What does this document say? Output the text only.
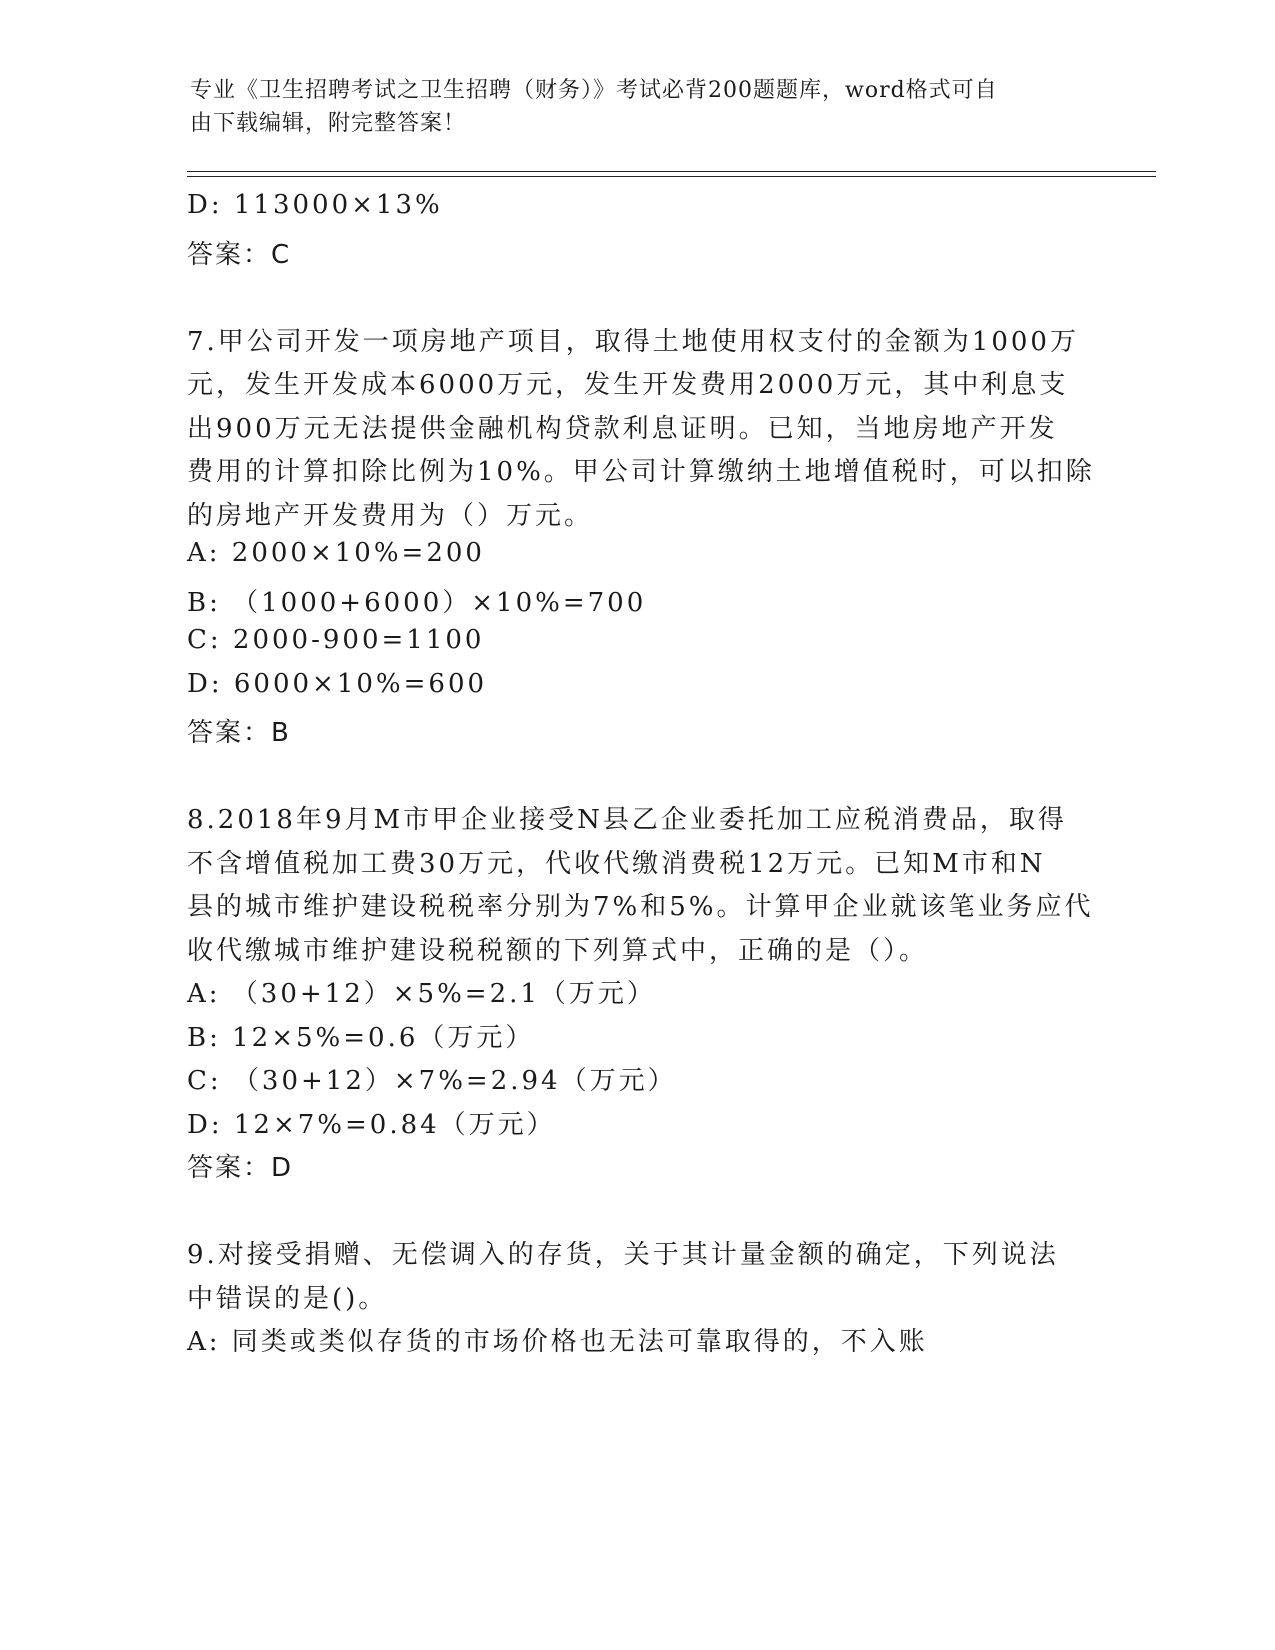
专业《卫生招聘考试之卫生招聘（财务）》考试必背200题题库，word格式可自
由下载编辑，附完整答案！
D: 113000×13%
答案：C
7.甲公司开发一项房地产项目，取得土地使用权支付的金额为1000万
元，发生开发成本6000万元，发生开发费用2000万元，其中利息支
出900万元无法提供金融机构贷款利息证明。已知，当地房地产开发
费用的计算扣除比例为10%。甲公司计算缴纳土地增值税时，可以扣除
的房地产开发费用为（）万元。
A: 2000×10%=200
B: （1000+6000）×10%=700
C: 2000-900=1100
D: 6000×10%=600
答案：B
8.2018年9月M市甲企业接受N县乙企业委托加工应税消费品，取得
不含增值税加工费30万元，代收代缴消费税12万元。已知M市和N
县的城市维护建设税税率分别为7%和5%。计算甲企业就该笔业务应代
收代缴城市维护建设税税额的下列算式中，正确的是（）。
A: （30+12）×5%=2.1（万元）
B: 12×5%=0.6（万元）
C: （30+12）×7%=2.94（万元）
D: 12×7%=0.84（万元）
答案：D
9.对接受捐赠、无偿调入的存货，关于其计量金额的确定，下列说法
中错误的是()。
A: 同类或类似存货的市场价格也无法可靠取得的，不入账
